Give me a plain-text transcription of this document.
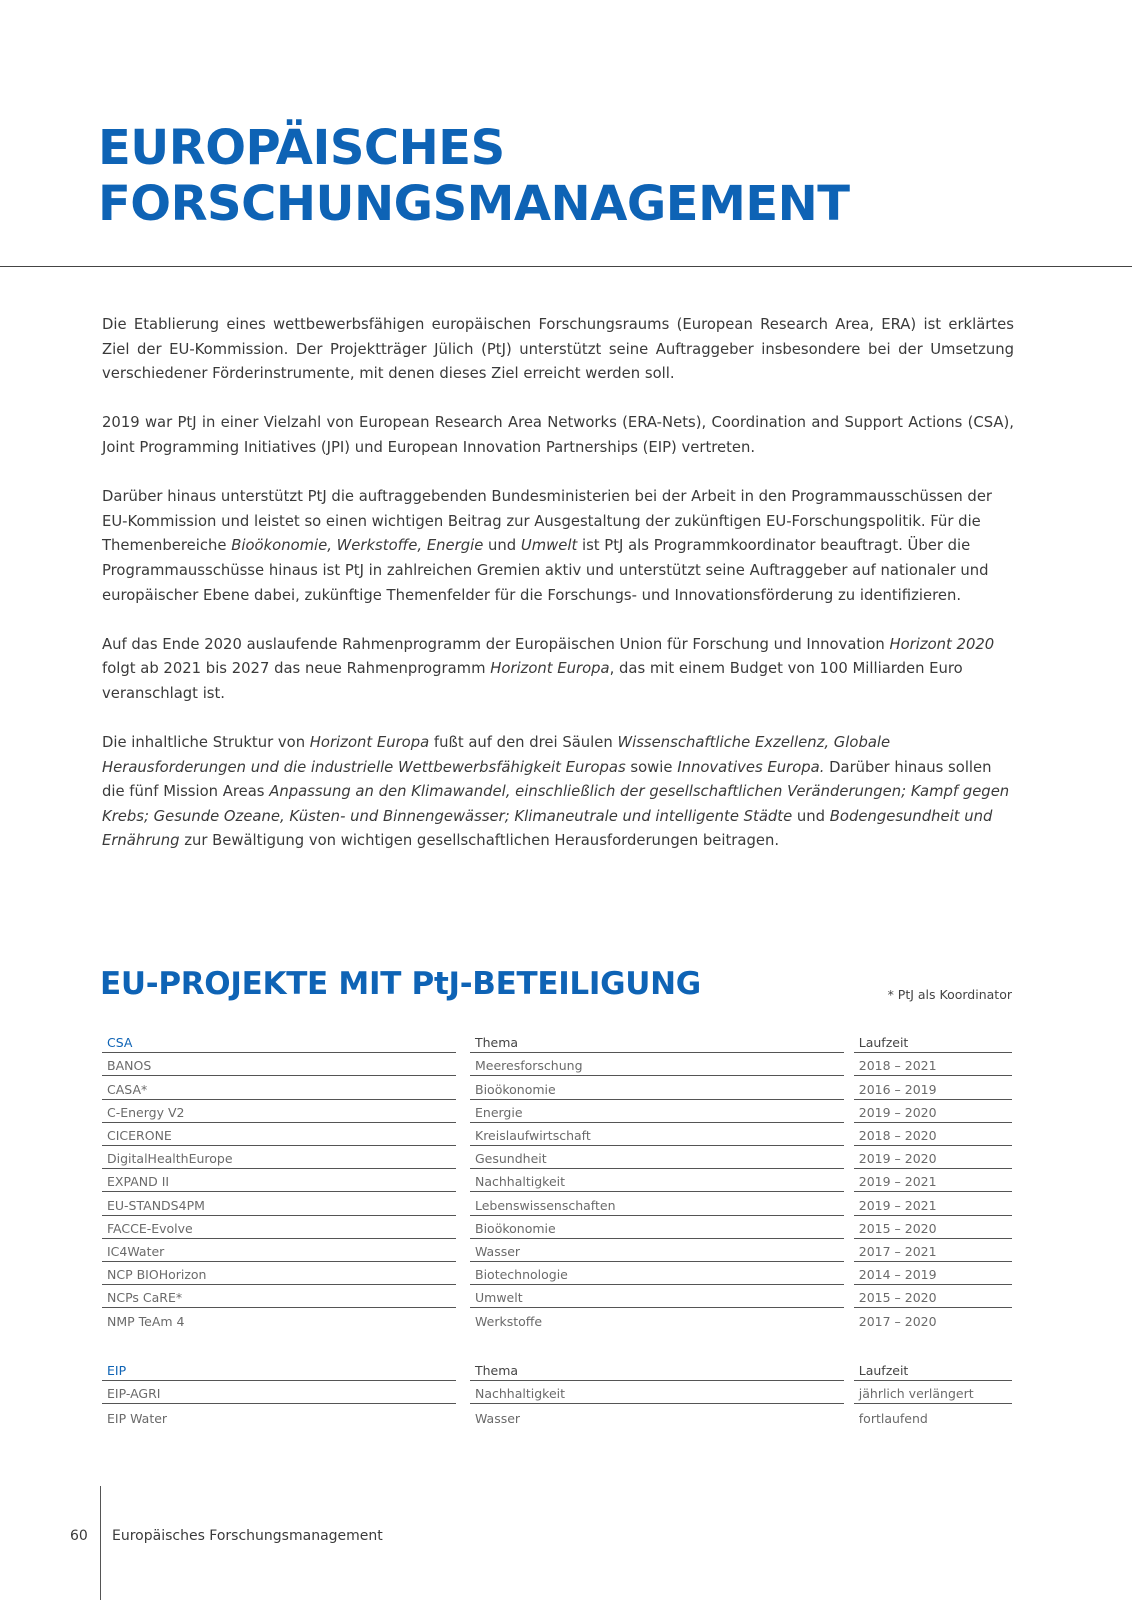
EUROPÄISCHES
FORSCHUNGSMANAGEMENT

Die Etablierung eines wettbewerbsfähigen europäischen Forschungsraums (European Research Area, ERA) ist erklärtes Ziel der EU-Kommission. Der Projektträger Jülich (PtJ) unterstützt seine Auftraggeber insbesondere bei der Umsetzung verschiedener Förderinstrumente, mit denen dieses Ziel erreicht werden soll.

2019 war PtJ in einer Vielzahl von European Research Area Networks (ERA-Nets), Coordination and Support Actions (CSA), Joint Programming Initiatives (JPI) und European Innovation Partnerships (EIP) vertreten.

Darüber hinaus unterstützt PtJ die auftraggebenden Bundesministerien bei der Arbeit in den Programmausschüssen der EU-Kommission und leistet so einen wichtigen Beitrag zur Ausgestaltung der zukünftigen EU-Forschungspolitik. Für die Themenbereiche Bioökonomie, Werkstoffe, Energie und Umwelt ist PtJ als Programmkoordinator beauftragt. Über die Programmausschüsse hinaus ist PtJ in zahlreichen Gremien aktiv und unterstützt seine Auftraggeber auf nationaler und europäischer Ebene dabei, zukünftige Themenfelder für die Forschungs- und Innovationsförderung zu identifizieren.

Auf das Ende 2020 auslaufende Rahmenprogramm der Europäischen Union für Forschung und Innovation Horizont 2020 folgt ab 2021 bis 2027 das neue Rahmenprogramm Horizont Europa, das mit einem Budget von 100 Milliarden Euro veranschlagt ist.

Die inhaltliche Struktur von Horizont Europa fußt auf den drei Säulen Wissenschaftliche Exzellenz, Globale Herausforderungen und die industrielle Wettbewerbsfähigkeit Europas sowie Innovatives Europa. Darüber hinaus sollen die fünf Mission Areas Anpassung an den Klimawandel, einschließlich der gesellschaftlichen Veränderungen; Kampf gegen Krebs; Gesunde Ozeane, Küsten- und Binnengewässer; Klimaneutrale und intelligente Städte und Bodengesundheit und Ernährung zur Bewältigung von wichtigen gesellschaftlichen Herausforderungen beitragen.

EU-PROJEKTE MIT PtJ-BETEILIGUNG	* PtJ als Koordinator
CSA	Thema	Laufzeit
BANOS	Meeresforschung	2018 – 2021
CASA*	Bioökonomie	2016 – 2019
C-Energy V2	Energie	2019 – 2020
CICERONE	Kreislaufwirtschaft	2018 – 2020
DigitalHealthEurope	Gesundheit	2019 – 2020
EXPAND II	Nachhaltigkeit	2019 – 2021
EU-STANDS4PM	Lebenswissenschaften	2019 – 2021
FACCE-Evolve	Bioökonomie	2015 – 2020
IC4Water	Wasser	2017 – 2021
NCP BIOHorizon	Biotechnologie	2014 – 2019
NCPs CaRE*	Umwelt	2015 – 2020
NMP TeAm 4	Werkstoffe	2017 – 2020
EIP	Thema	Laufzeit
EIP-AGRI	Nachhaltigkeit	jährlich verlängert
EIP Water	Wasser	fortlaufend
60 Europäisches Forschungsmanagement
